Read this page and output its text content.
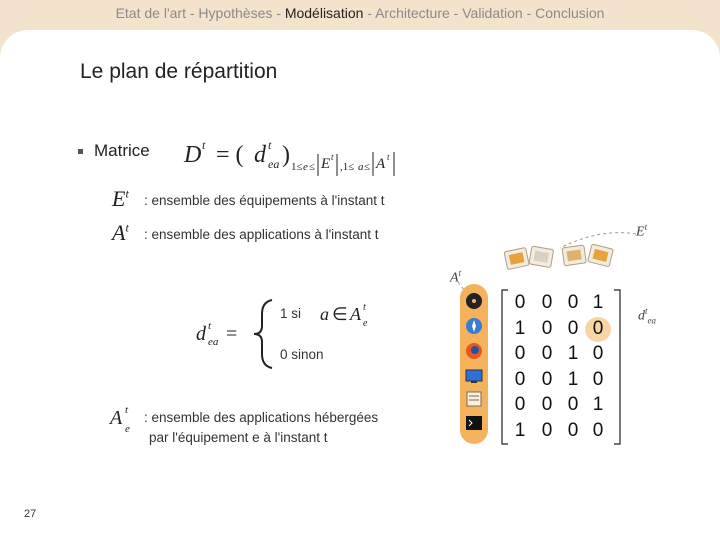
Etat de l'art - Hypothèses - Modélisation - Architecture - Validation - Conclusion
Le plan de répartition
Matrice D t = ( d t
ea ) 1≤ e ≤ E t
,1≤ a ≤ A t
$E^t$ : ensemble des équipements à l'instant t
$A^t$ : ensemble des applications à l'instant t
d t
ea =
1 si a ∈ A t
e
0 sinon
A t
e
: ensemble des applications hébergées
par l'équipement e à l'instant t
$E^t$
$A^t$
$d^t_{ea}$
0 0 0 1
1 0 0 0
0 0 1 0
0 0 1 0
0 0 0 1
1 0 0 0
27
